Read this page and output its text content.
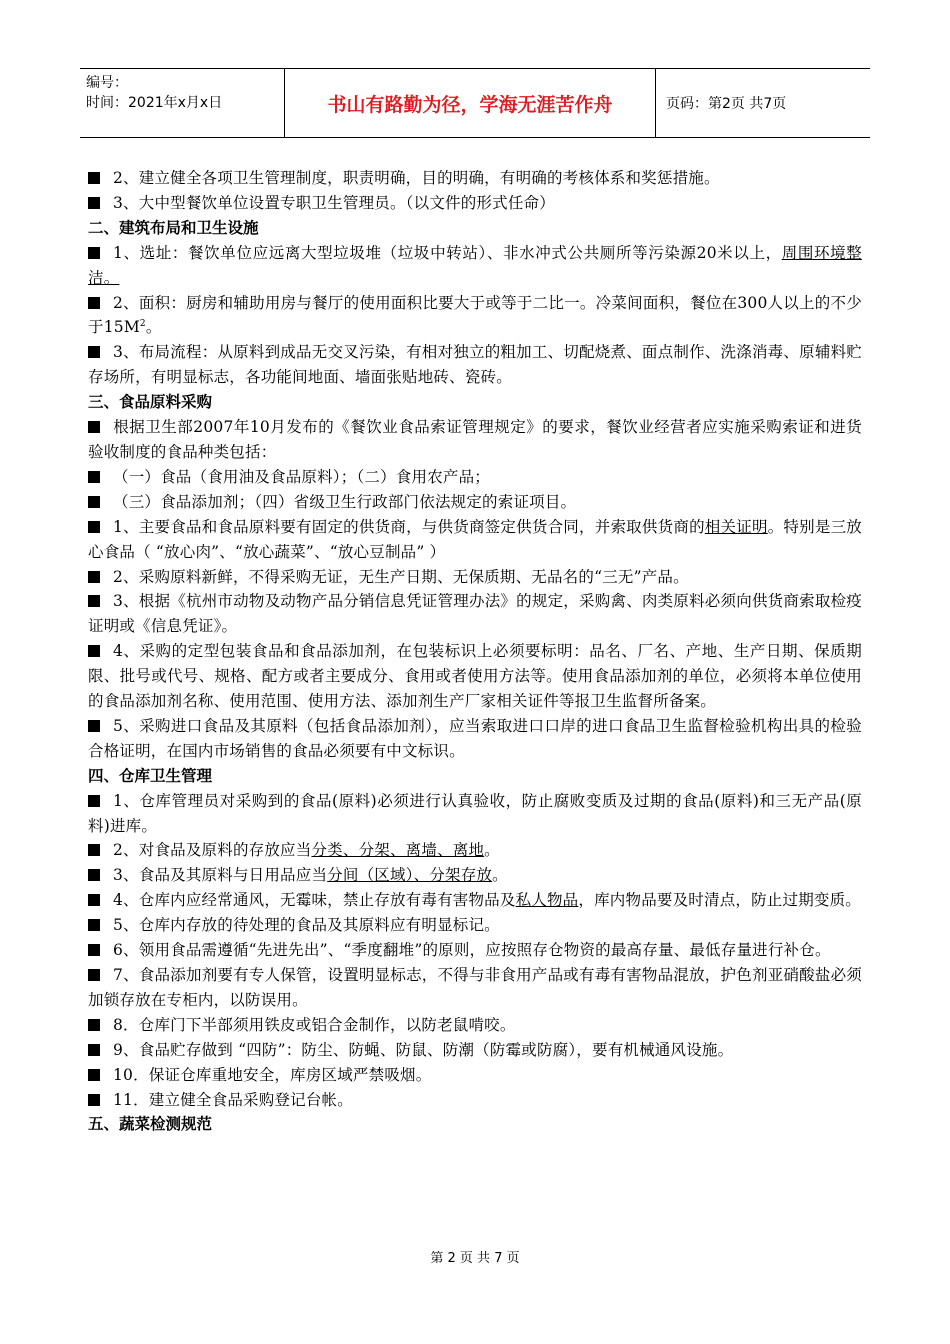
编号：
时间：2021年x月x日	书山有路勤为径，学海无涯苦作舟	页码：第2页 共7页

2、建立健全各项卫生管理制度，职责明确，目的明确，有明确的考核体系和奖惩措施。

3、大中型餐饮单位设置专职卫生管理员。（以文件的形式任命）

二、建筑布局和卫生设施

1、选址：餐饮单位应远离大型垃圾堆（垃圾中转站）、非水冲式公共厕所等污染源20米以上，周围环境整洁。

2、面积：厨房和辅助用房与餐厅的使用面积比要大于或等于二比一。冷菜间面积，餐位在300人以上的不少于$15M^2$。

3、布局流程：从原料到成品无交叉污染，有相对独立的粗加工、切配烧煮、面点制作、洗涤消毒、原辅料贮存场所，有明显标志，各功能间地面、墙面张贴地砖、瓷砖。

三、食品原料采购

根据卫生部2007年10月发布的《餐饮业食品索证管理规定》的要求，餐饮业经营者应实施采购索证和进货验收制度的食品种类包括：

（一）食品（食用油及食品原料）；（二）食用农产品；

（三）食品添加剂；（四）省级卫生行政部门依法规定的索证项目。

1、主要食品和食品原料要有固定的供货商，与供货商签定供货合同，并索取供货商的相关证明。特别是三放心食品（ “放心肉”、“放心蔬菜”、“放心豆制品” ）

2、采购原料新鲜，不得采购无证，无生产日期、无保质期、无品名的“三无”产品。

3、根据《杭州市动物及动物产品分销信息凭证管理办法》的规定，采购禽、肉类原料必须向供货商索取检疫证明或《信息凭证》。

4、采购的定型包装食品和食品添加剂，在包装标识上必须要标明：品名、厂名、产地、生产日期、保质期限、批号或代号、规格、配方或者主要成分、食用或者使用方法等。使用食品添加剂的单位，必须将本单位使用的食品添加剂名称、使用范围、使用方法、添加剂生产厂家相关证件等报卫生监督所备案。

5、采购进口食品及其原料（包括食品添加剂），应当索取进口口岸的进口食品卫生监督检验机构出具的检验合格证明，在国内市场销售的食品必须要有中文标识。

四、仓库卫生管理

1、仓库管理员对采购到的食品(原料)必须进行认真验收，防止腐败变质及过期的食品(原料)和三无产品(原料)进库。

2、对食品及原料的存放应当分类、分架、离墙、离地。

3、食品及其原料与日用品应当分间（区域）、分架存放。

4、仓库内应经常通风，无霉味，禁止存放有毒有害物品及私人物品，库内物品要及时清点，防止过期变质。

5、仓库内存放的待处理的食品及其原料应有明显标记。

6、领用食品需遵循“先进先出”、“季度翻堆”的原则，应按照存仓物资的最高存量、最低存量进行补仓。

7、食品添加剂要有专人保管，设置明显标志，不得与非食用产品或有毒有害物品混放，护色剂亚硝酸盐必须加锁存放在专柜内，以防误用。

8．仓库门下半部须用铁皮或铝合金制作，以防老鼠啃咬。

9、食品贮存做到 “四防”：防尘、防蝇、防鼠、防潮（防霉或防腐），要有机械通风设施。

10．保证仓库重地安全，库房区域严禁吸烟。

11．建立健全食品采购登记台帐。

五、蔬菜检测规范

第 2 页 共 7 页
